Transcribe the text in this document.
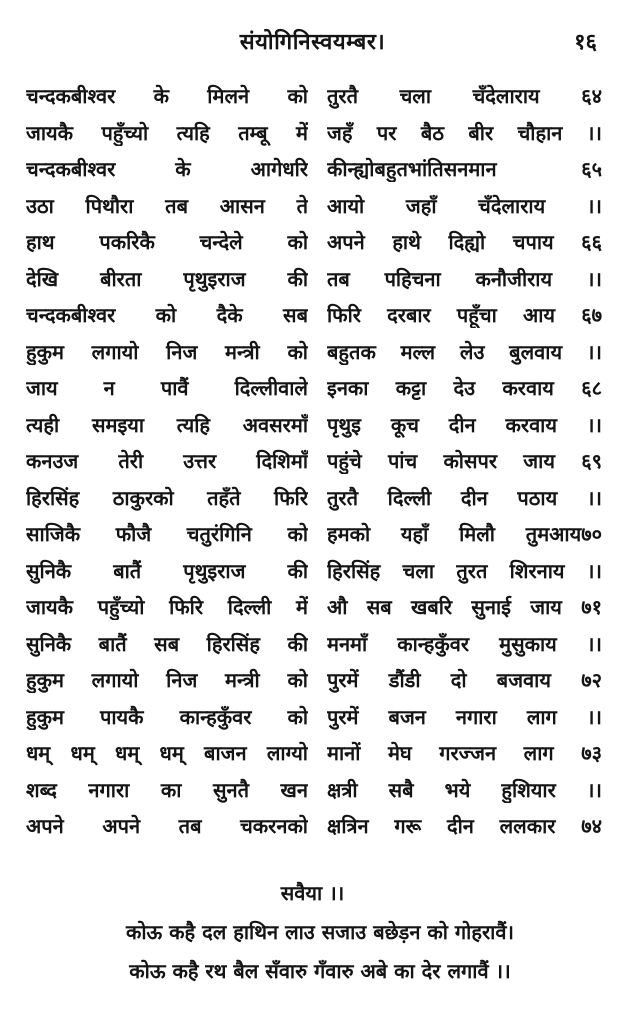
संयोगिनिस्वयम्बर।	१६
चन्दकबीश्वर के मिलने को तुरतै चला चँदेलाराय ६४
जायकै पहुँच्यो त्यहि तम्बू में जहँ पर बैठ बीर चौहान ।।
चन्दकबीश्वर के आगेधरि कीन्ह्योबहुतभांतिसनमान ६५
उठा पिथौरा तब आसन ते आयो जहाँ चँदेलाराय ।।
हाथ पकरिकै चन्देले को अपने हाथे दिह्यो चपाय ६६
देखि बीरता पृथुइराज की तब पहिचना कनौजीराय ।।
चन्दकबीश्वर को दैके सब फिरि दरबार पहूँचा आय ६७
हुकुम लगायो निज मन्त्री को बहुतक मल्ल लेउ बुलवाय ।।
जाय न पावैं दिल्लीवाले इनका कट्टा देउ करवाय ६८
त्यही समइया त्यहि अवसरमाँ पृथुइ कूच दीन करवाय ।।
कनउज तेरी उत्तर दिशिमाँ पहुंचे पांच कोसपर जाय ६९
हिरसिंह ठाकुरको तहँते फिरि तुरतै दिल्ली दीन पठाय ।।
साजिकै फौजै चतुरंगिनि को हमको यहाँ मिलौ तुमआय७०
सुनिकै बातैं पृथुइराज की हिरसिंह चला तुरत शिरनाय ।।
जायकै पहुँच्यो फिरि दिल्ली में औ सब खबरि सुनाई जाय ७१
सुनिकै बातैं सब हिरसिंह की मनमाँ कान्हकुँवर मुसुकाय ।।
हुकुम लगायो निज मन्त्री को पुरमें डौंडी दो बजवाय ७२
हुकुम पायकै कान्हकुँवर को पुरमें बजन नगारा लाग ।।
धम् धम् धम् धम् बाजन लाग्यो मानों मेघ गरज्जन लाग ७३
शब्द नगारा का सुनतै खन क्षत्री सबै भये हुशियार ।।
अपने अपने तब चकरनको क्षत्रिन गरू दीन ललकार ७४
सवैया ।।
कोऊ कहै दल हाथिन लाउ सजाउ बछेड़न को गोहरावैं।
कोऊ कहै रथ बैल सँवारु गँवारु अबे का देर लगावैं ।।
